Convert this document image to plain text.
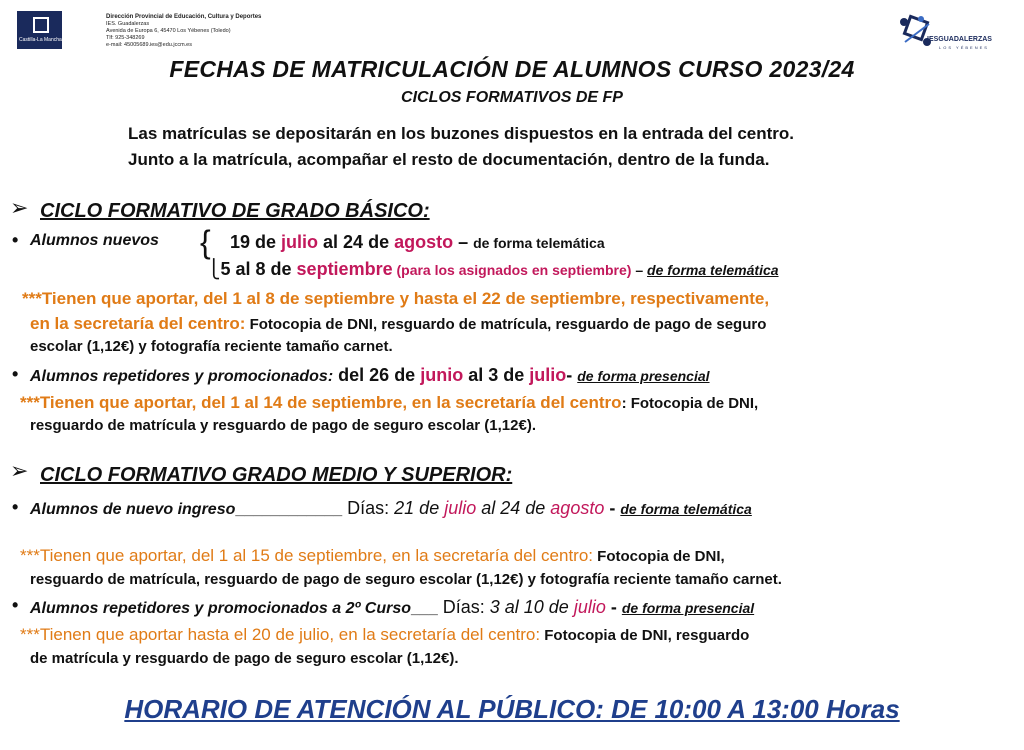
Castilla-La Mancha
Dirección Provincial de Educación, Cultura y Deportes
IES. Guadalerzas
Avenida de Europa 6, 45470 Los Yébenes (Toledo)
Tlf: 925-348269
e-mail: 45005689.ies@edu.jccm.es
IESGUADALERZAS
LOS YÉBENES
FECHAS DE MATRICULACIÓN DE ALUMNOS CURSO 2023/24
CICLOS FORMATIVOS DE FP
Las matrículas se depositarán en los buzones dispuestos en la entrada del centro.
Junto a la matrícula, acompañar el resto de documentación, dentro de la funda.
➢ CICLO FORMATIVO DE GRADO BÁSICO:
• Alumnos nuevos { 19 de julio al 24 de agosto – de forma telemática
⎩5 al 8 de septiembre (para los asignados en septiembre) – de forma telemática
***Tienen que aportar, del 1 al 8 de septiembre y hasta el 22 de septiembre, respectivamente,
en la secretaría del centro: Fotocopia de DNI, resguardo de matrícula, resguardo de pago de seguro
escolar (1,12€) y fotografía reciente tamaño carnet.
• Alumnos repetidores y promocionados: del 26 de junio al 3 de julio- de forma presencial
***Tienen que aportar, del 1 al 14 de septiembre, en la secretaría del centro: Fotocopia de DNI,
resguardo de matrícula y resguardo de pago de seguro escolar (1,12€).
➢ CICLO FORMATIVO GRADO MEDIO Y SUPERIOR:
• Alumnos de nuevo ingreso____________ Días: 21 de julio al 24 de agosto - de forma telemática
***Tienen que aportar, del 1 al 15 de septiembre, en la secretaría del centro: Fotocopia de DNI,
resguardo de matrícula, resguardo de pago de seguro escolar (1,12€) y fotografía reciente tamaño carnet.
• Alumnos repetidores y promocionados a 2º Curso___ Días: 3 al 10 de julio - de forma presencial
***Tienen que aportar hasta el 20 de julio, en la secretaría del centro: Fotocopia de DNI, resguardo
de matrícula y resguardo de pago de seguro escolar (1,12€).
HORARIO DE ATENCIÓN AL PÚBLICO: DE 10:00 A 13:00 Horas
